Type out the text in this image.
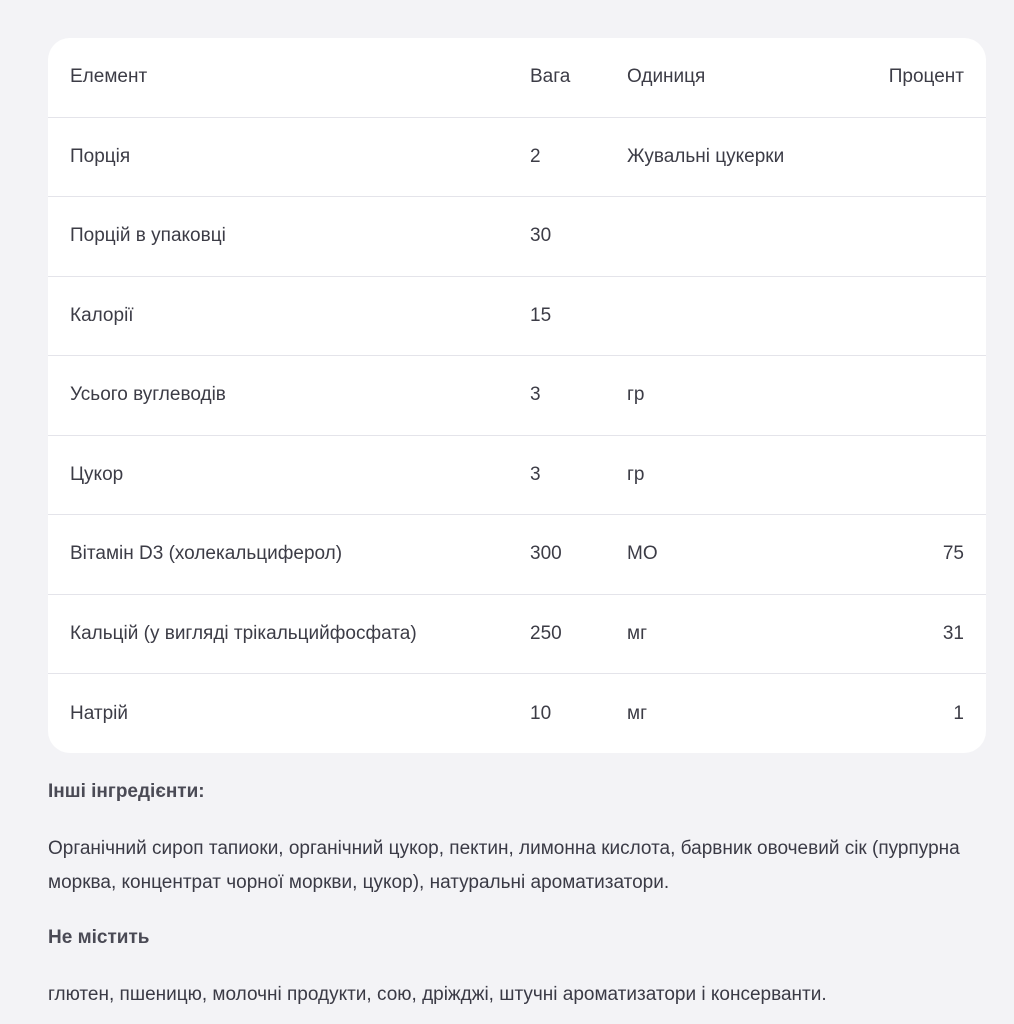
Елемент	Вага	Одиниця	Процент
Порція	2	Жувальні цукерки
Порцій в упаковці	30
Калорії	15
Усього вуглеводів	3	гр
Цукор	3	гр
Вітамін D3 (холекальциферол)	300	МО	75
Кальцій (у вигляді трікальцийфосфата)	250	мг	31
Натрій	10	мг	1
Інші інгредієнти:

Органічний сироп тапиоки, органічний цукор, пектин, лимонна кислота, барвник овочевий сік (пурпурна морква, концентрат чорної моркви, цукор), натуральні ароматизатори.

Не містить

глютен, пшеницю, молочні продукти, сою, дріжджі, штучні ароматизатори і консерванти.
